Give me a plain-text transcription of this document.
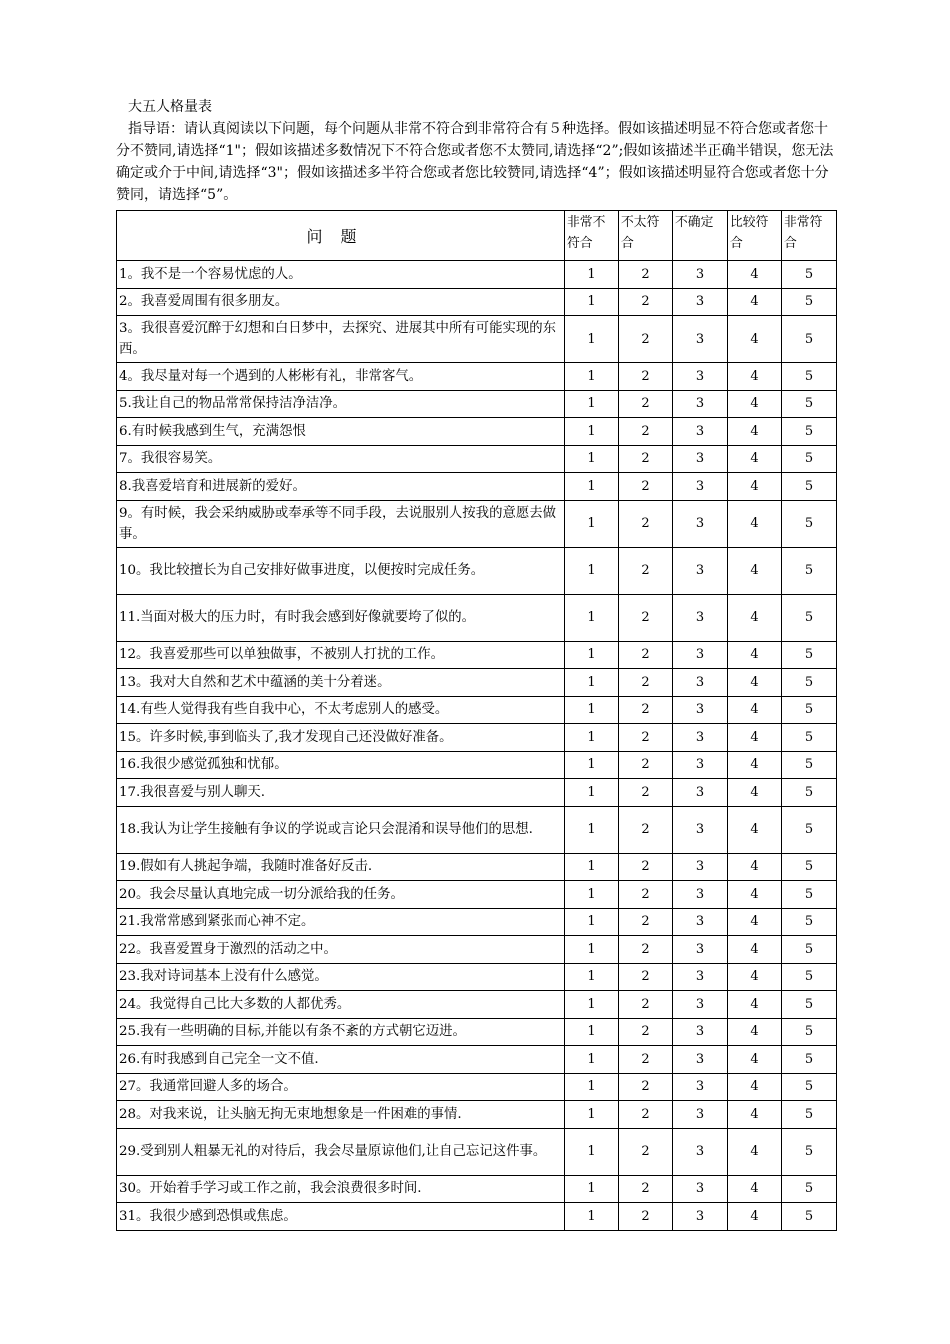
大五人格量表

指导语：请认真阅读以下问题，每个问题从非常不符合到非常符合有５种选择。假如该描述明显不符合您或者您十分不赞同,请选择“1"；假如该描述多数情况下不符合您或者您不太赞同,请选择“2”;假如该描述半正确半错误，您无法确定或介于中间,请选择“3"；假如该描述多半符合您或者您比较赞同,请选择“4”；假如该描述明显符合您或者您十分赞同，请选择“5”。

问题	非常不符合	不太符合	不确定	比较符合	非常符合
1。我不是一个容易忧虑的人。	1	2	3	4	5
2。我喜爱周围有很多朋友。	1	2	3	4	5
3。我很喜爱沉醉于幻想和白日梦中，去探究、进展其中所有可能实现的东西。	1	2	3	4	5
4。我尽量对每一个遇到的人彬彬有礼，非常客气。	1	2	3	4	5
5.我让自己的物品常常保持洁净洁净。	1	2	3	4	5
6.有时候我感到生气，充满怨恨	1	2	3	4	5
7。我很容易笑。	1	2	3	4	5
8.我喜爱培育和进展新的爱好。	1	2	3	4	5
9。有时候，我会采纳威胁或奉承等不同手段，去说服别人按我的意愿去做事。	1	2	3	4	5
10。我比较擅长为自己安排好做事进度，以便按时完成任务。	1	2	3	4	5
11.当面对极大的压力时，有时我会感到好像就要垮了似的。	1	2	3	4	5
12。我喜爱那些可以单独做事，不被别人打扰的工作。	1	2	3	4	5
13。我对大自然和艺术中蕴涵的美十分着迷。	1	2	3	4	5
14.有些人觉得我有些自我中心，不太考虑别人的感受。	1	2	3	4	5
15。许多时候,事到临头了,我才发现自己还没做好准备。	1	2	3	4	5
16.我很少感觉孤独和忧郁。	1	2	3	4	5
17.我很喜爱与别人聊天.	1	2	3	4	5
18.我认为让学生接触有争议的学说或言论只会混淆和误导他们的思想.	1	2	3	4	5
19.假如有人挑起争端，我随时准备好反击.	1	2	3	4	5
20。我会尽量认真地完成一切分派给我的任务。	1	2	3	4	5
21.我常常感到紧张而心神不定。	1	2	3	4	5
22。我喜爱置身于激烈的活动之中。	1	2	3	4	5
23.我对诗词基本上没有什么感觉。	1	2	3	4	5
24。我觉得自己比大多数的人都优秀。	1	2	3	4	5
25.我有一些明确的目标,并能以有条不紊的方式朝它迈进。	1	2	3	4	5
26.有时我感到自己完全一文不值.	1	2	3	4	5
27。我通常回避人多的场合。	1	2	3	4	5
28。对我来说，让头脑无拘无束地想象是一件困难的事情.	1	2	3	4	5
29.受到别人粗暴无礼的对待后，我会尽量原谅他们,让自己忘记这件事。	1	2	3	4	5
30。开始着手学习或工作之前，我会浪费很多时间.	1	2	3	4	5
31。我很少感到恐惧或焦虑。	1	2	3	4	5
